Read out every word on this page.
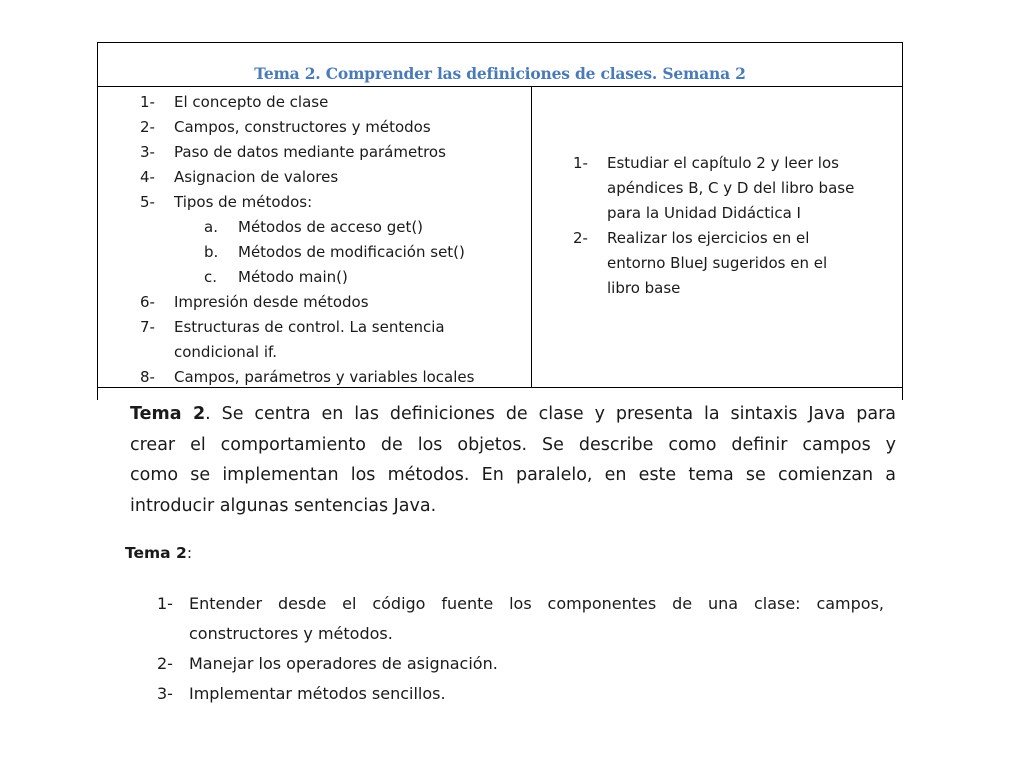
Tema 2. Comprender las definiciones de clases. Semana 2
1- El concepto de clase
2- Campos, constructores y métodos
3- Paso de datos mediante parámetros
4- Asignacion de valores
5- Tipos de métodos:
a. Métodos de acceso get()
b. Métodos de modificación set()
c. Método main()
6- Impresión desde métodos
7- Estructuras de control. La sentencia
condicional if.
8- Campos, parámetros y variables locales
1- Estudiar el capítulo 2 y leer los
apéndices B, C y D del libro base
para la Unidad Didáctica I
2- Realizar los ejercicios en el
entorno BlueJ sugeridos en el
libro base
Tema 2. Se centra en las definiciones de clase y presenta la sintaxis Java para
crear el comportamiento de los objetos. Se describe como definir campos y
como se implementan los métodos. En paralelo, en este tema se comienzan a
introducir algunas sentencias Java.
Tema 2:
1- Entender desde el código fuente los componentes de una clase: campos,
constructores y métodos.
2- Manejar los operadores de asignación.
3- Implementar métodos sencillos.
